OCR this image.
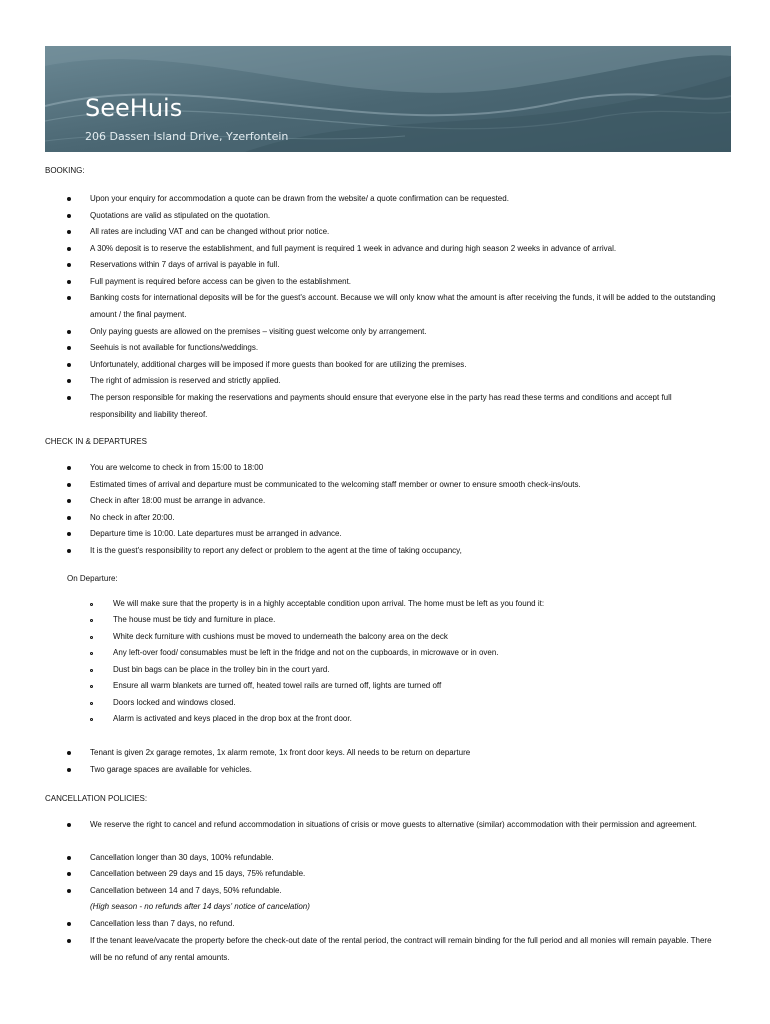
SeeHuis
206 Dassen Island Drive, Yzerfontein
BOOKING:
Upon your enquiry for accommodation a quote can be drawn from the website/ a quote confirmation can be requested.
Quotations are valid as stipulated on the quotation.
All rates are including VAT and can be changed without prior notice.
A 30% deposit is to reserve the establishment, and full payment is required 1 week in advance and during high season 2 weeks in advance of arrival.
Reservations within 7 days of arrival is payable in full.
Full payment is required before access can be given to the establishment.
Banking costs for international deposits will be for the guest's account. Because we will only know what the amount is after receiving the funds, it will be added to the outstanding amount / the final payment.
Only paying guests are allowed on the premises – visiting guest welcome only by arrangement.
Seehuis is not available for functions/weddings.
Unfortunately, additional charges will be imposed if more guests than booked for are utilizing the premises.
The right of admission is reserved and strictly applied.
The person responsible for making the reservations and payments should ensure that everyone else in the party has read these terms and conditions and accept full responsibility and liability thereof.
CHECK IN & DEPARTURES
You are welcome to check in from 15:00 to 18:00
Estimated times of arrival and departure must be communicated to the welcoming staff member or owner to ensure smooth check-ins/outs.
Check in after 18:00 must be arrange in advance.
No check in after 20:00.
Departure time is 10:00. Late departures must be arranged in advance.
It is the guest's responsibility to report any defect or problem to the agent at the time of taking occupancy,
On Departure:
We will make sure that the property is in a highly acceptable condition upon arrival. The home must be left as you found it:
The house must be tidy and furniture in place.
White deck furniture with cushions must be moved to underneath the balcony area on the deck
Any left-over food/ consumables must be left in the fridge and not on the cupboards, in microwave or in oven.
Dust bin bags can be place in the trolley bin in the court yard.
Ensure all warm blankets are turned off, heated towel rails are turned off, lights are turned off
Doors locked and windows closed.
Alarm is activated and keys placed in the drop box at the front door.
Tenant is given 2x garage remotes, 1x alarm remote, 1x front door keys. All needs to be return on departure
Two garage spaces are available for vehicles.
CANCELLATION POLICIES:
We reserve the right to cancel and refund accommodation in situations of crisis or move guests to alternative (similar) accommodation with their permission and agreement.
Cancellation longer than 30 days, 100% refundable.
Cancellation between 29 days and 15 days, 75% refundable.
Cancellation between 14 and 7 days, 50% refundable.
(High season - no refunds after 14 days' notice of cancelation)
Cancellation less than 7 days, no refund.
If the tenant leave/vacate the property before the check-out date of the rental period, the contract will remain binding for the full period and all monies will remain payable. There will be no refund of any rental amounts.
